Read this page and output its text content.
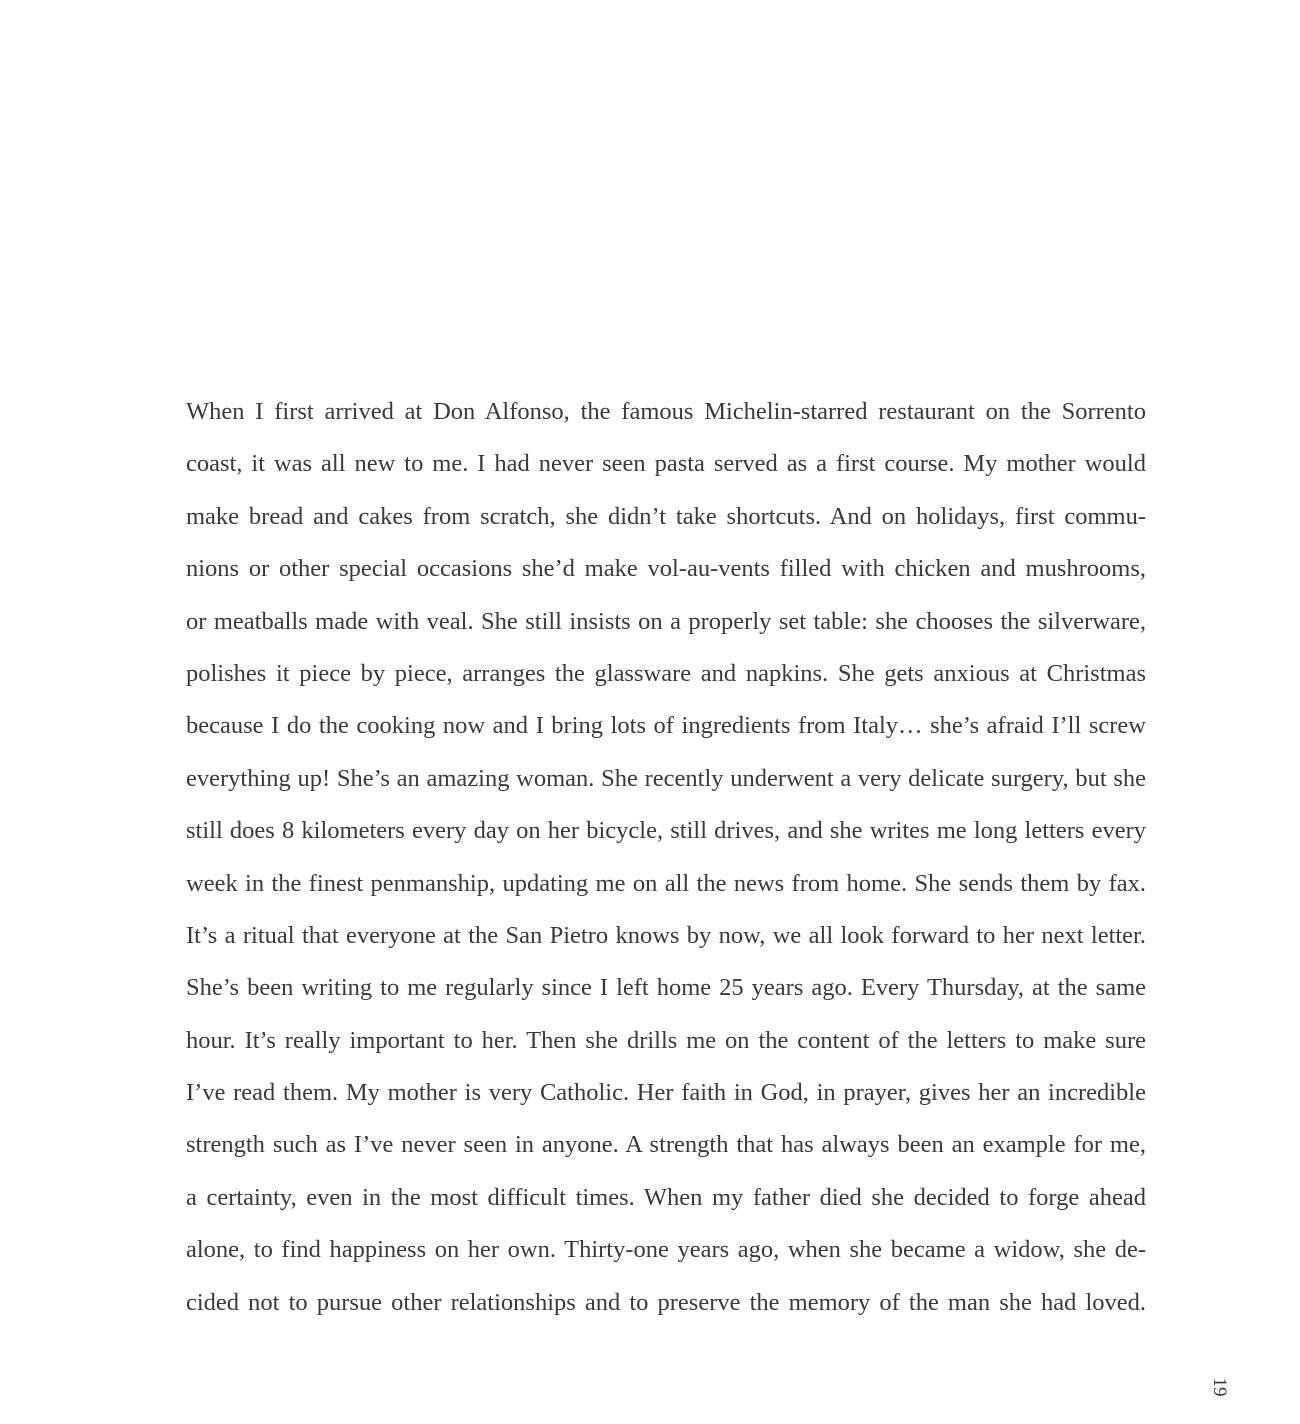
When I first arrived at Don Alfonso, the famous Michelin-starred restaurant on the Sorrento
coast, it was all new to me. I had never seen pasta served as a first course. My mother would
make bread and cakes from scratch, she didn’t take shortcuts. And on holidays, first commu-
nions or other special occasions she’d make vol-au-vents filled with chicken and mushrooms,
or meatballs made with veal. She still insists on a properly set table: she chooses the silverware,
polishes it piece by piece, arranges the glassware and napkins. She gets anxious at Christmas
because I do the cooking now and I bring lots of ingredients from Italy… she’s afraid I’ll screw
everything up! She’s an amazing woman. She recently underwent a very delicate surgery, but she
still does 8 kilometers every day on her bicycle, still drives, and she writes me long letters every
week in the finest penmanship, updating me on all the news from home. She sends them by fax.
It’s a ritual that everyone at the San Pietro knows by now, we all look forward to her next letter.
She’s been writing to me regularly since I left home 25 years ago. Every Thursday, at the same
hour. It’s really important to her. Then she drills me on the content of the letters to make sure
I’ve read them. My mother is very Catholic. Her faith in God, in prayer, gives her an incredible
strength such as I’ve never seen in anyone. A strength that has always been an example for me,
a certainty, even in the most difficult times. When my father died she decided to forge ahead
alone, to find happiness on her own. Thirty-one years ago, when she became a widow, she de-
cided not to pursue other relationships and to preserve the memory of the man she had loved.

19
